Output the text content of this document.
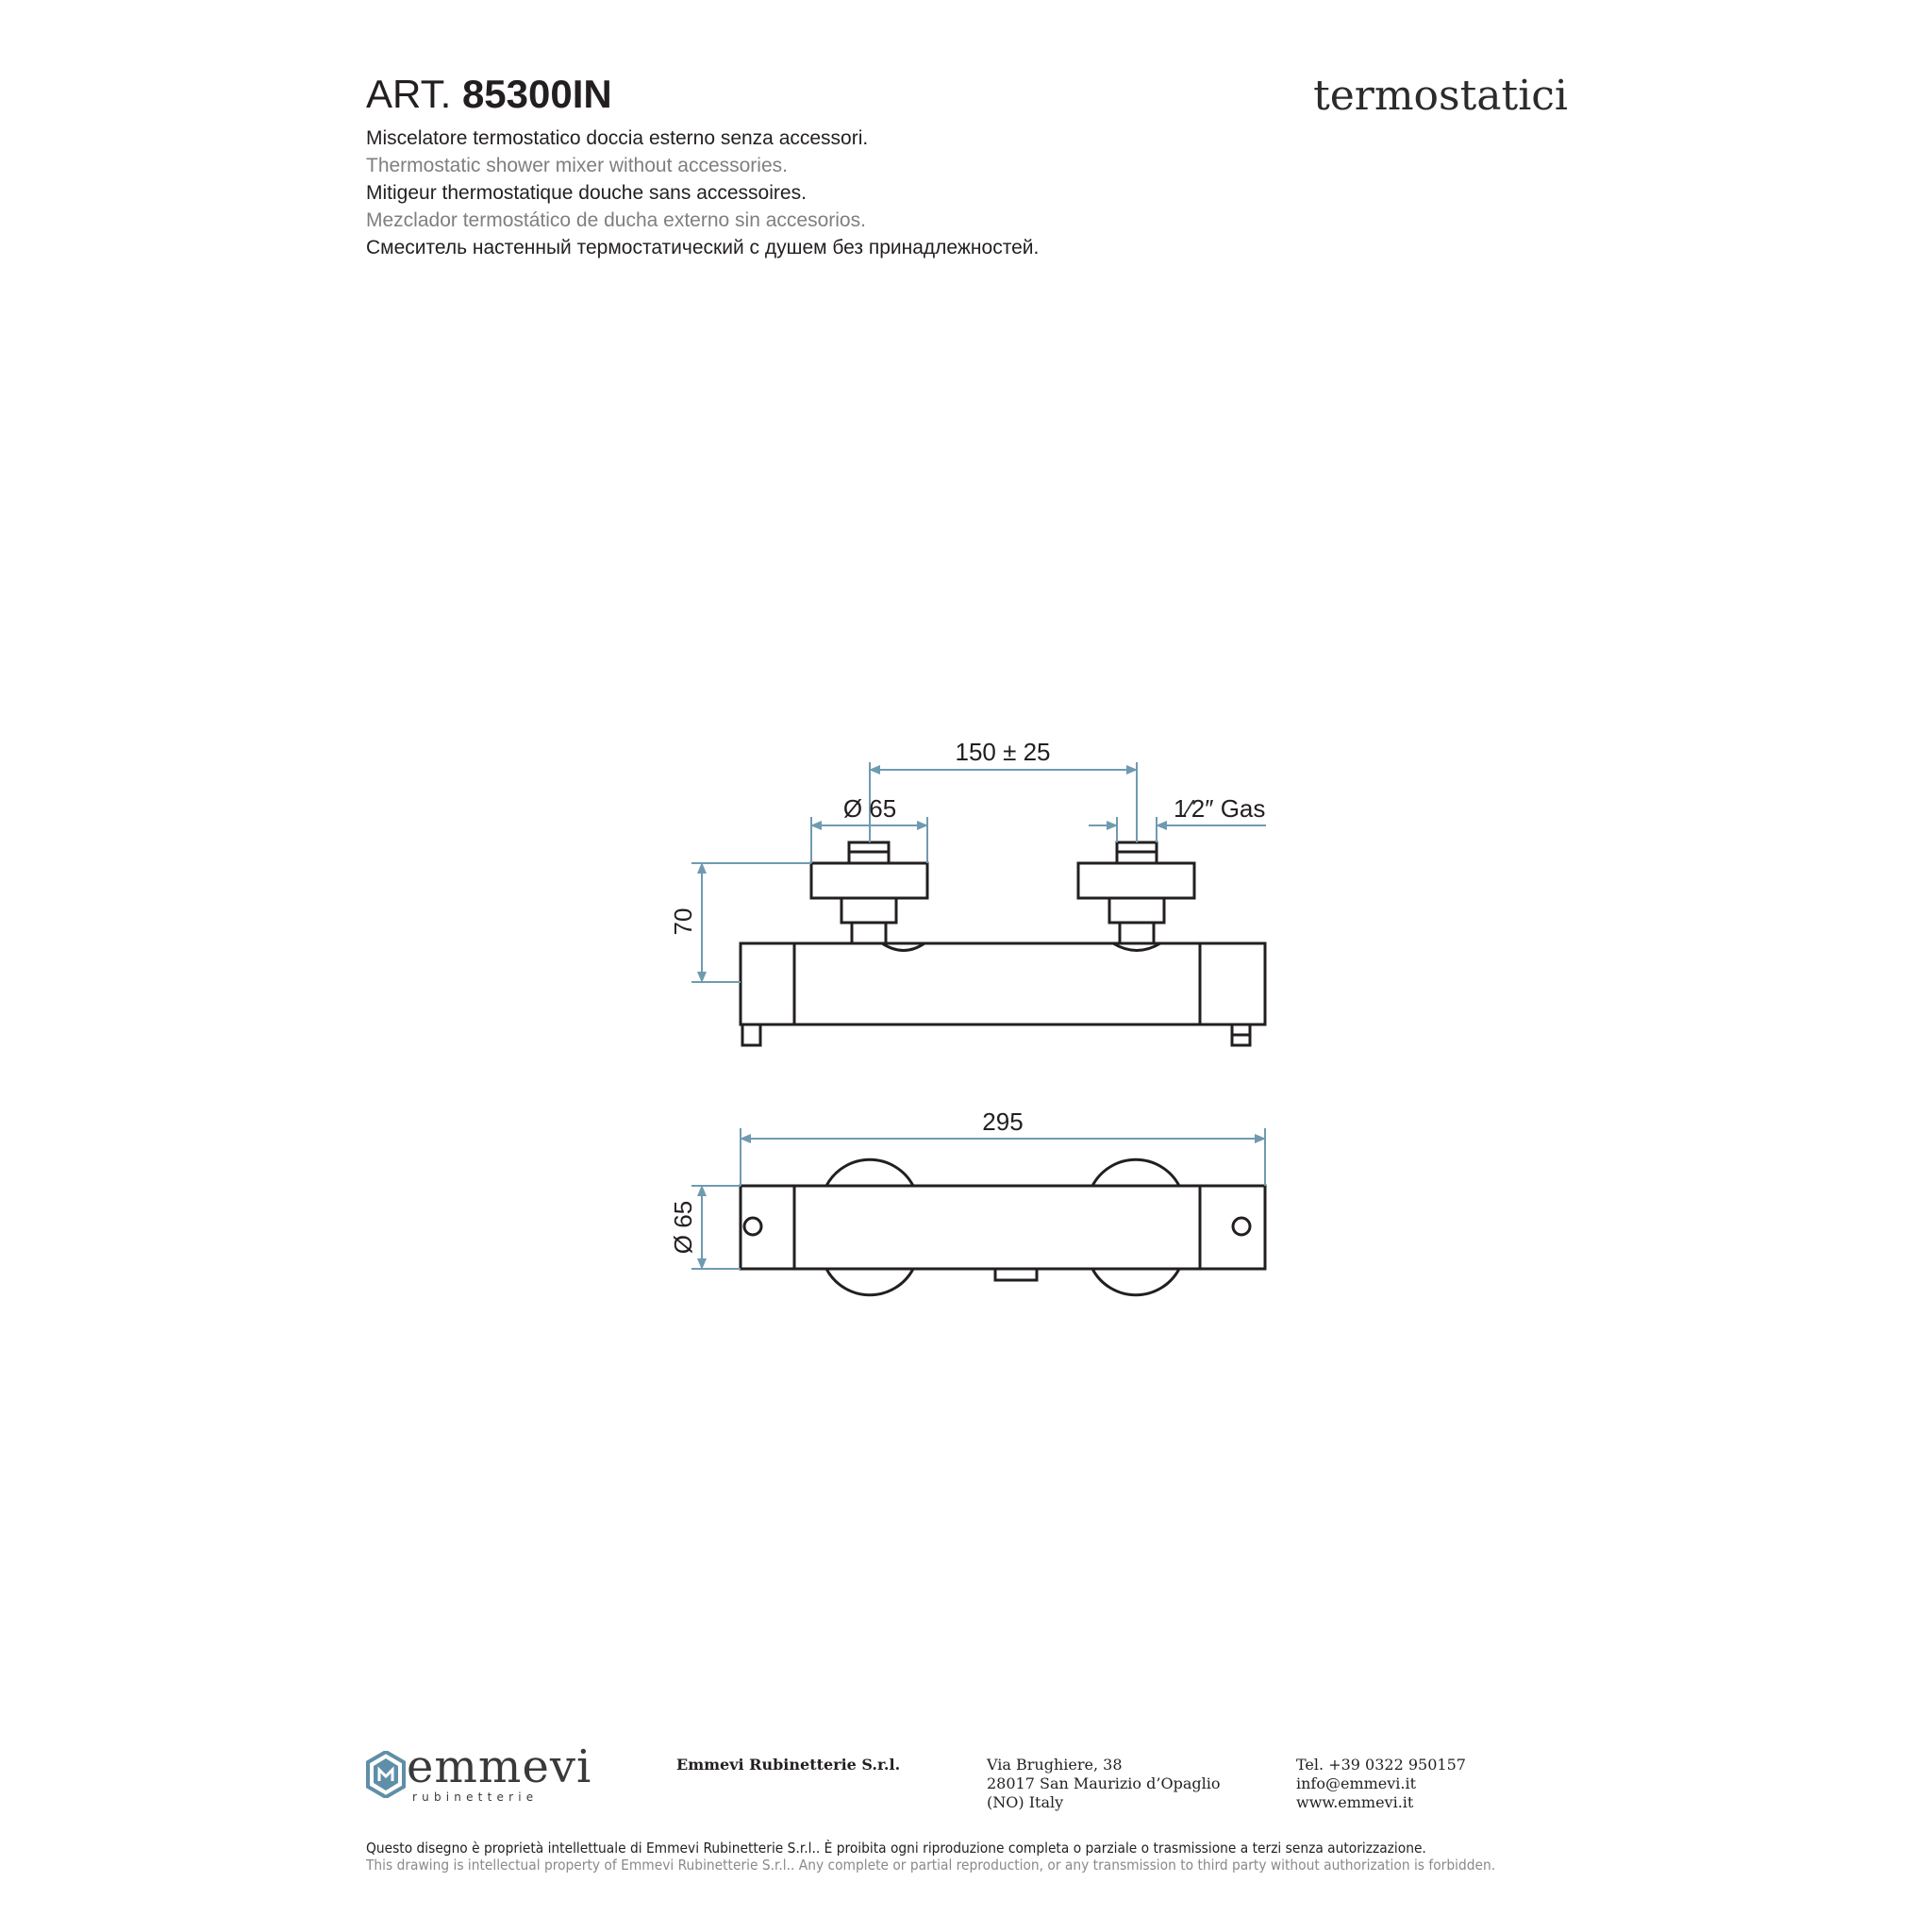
ART. 85300IN	termostatici
Miscelatore termostatico doccia esterno senza accessori.
Thermostatic shower mixer without accessories.
Mitigeur thermostatique douche sans accessoires.
Mezclador termostático de ducha externo sin accesorios.
Смеситель настенный термостатический с душем без принадлежностей.
150 ± 25
Ø 65	1⁄2″ Gas
70
295
Ø 65
emmevi
rubinetterie
Emmevi Rubinetterie S.r.l.	Via Brughiere, 38
28017 San Maurizio d’Opaglio
(NO) Italy
Tel. +39 0322 950157
info@emmevi.it
www.emmevi.it
Questo disegno è proprietà intellettuale di Emmevi Rubinetterie S.r.l.. È proibita ogni riproduzione completa o parziale o trasmissione a terzi senza autorizzazione.
This drawing is intellectual property of Emmevi Rubinetterie S.r.l.. Any complete or partial reproduction, or any transmission to third party without authorization is forbidden.
